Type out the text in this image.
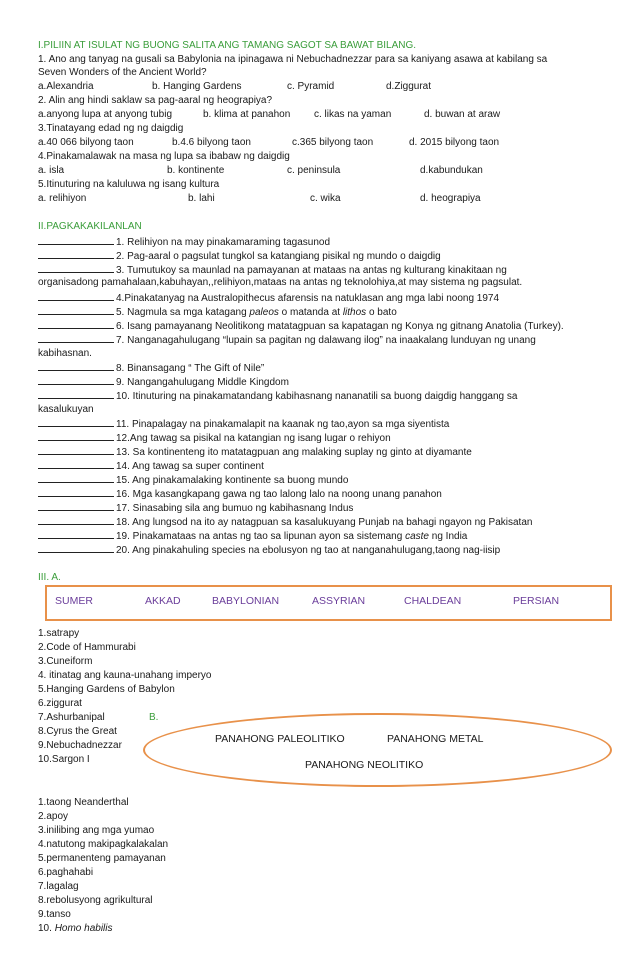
I.PILIIN AT ISULAT NG BUONG SALITA ANG TAMANG SAGOT SA BAWAT BILANG.
1. Ano ang tanyag na gusali sa Babylonia na ipinagawa ni Nebuchadnezzar para sa kaniyang asawa at kabilang sa
Seven Wonders of the Ancient World?
a.Alexandria	b. Hanging Gardens	c. Pyramid	d.Ziggurat
2. Alin ang hindi saklaw sa pag-aaral ng heograpiya?
a.anyong lupa at anyong tubig	b. klima at panahon c. likas na yaman	d. buwan at araw
3.Tinatayang edad ng ng daigdig
a.40 066 bilyong taon	b.4.6 bilyong taon	c.365 bilyong taon	d. 2015 bilyong taon
4.Pinakamalawak na masa ng lupa sa ibabaw ng daigdig
a. isla	b. kontinente	c. peninsula	d.kabundukan
5.Itinuturing na kaluluwa ng isang kultura
a. relihiyon	b. lahi	c. wika	d. heograpiya
II.PAGKAKAKILANLAN
1. Relihiyon na may pinakamaraming tagasunod
2. Pag-aaral o pagsulat tungkol sa katangiang pisikal ng mundo o daigdig
3. Tumutukoy sa maunlad na pamayanan at mataas na antas ng kulturang kinakitaan ng
organisadong pamahalaan,kabuhayan,,relihiyon,mataas na antas ng teknolohiya,at may sistema ng pagsulat.
4.Pinakatanyag na Australopithecus afarensis na natuklasan ang mga labi noong 1974
5. Nagmula sa mga katagang paleos o matanda at lithos o bato
6. Isang pamayanang Neolitikong matatagpuan sa kapatagan ng Konya ng gitnang Anatolia (Turkey).
7. Nanganagahulugang “lupain sa pagitan ng dalawang ilog” na inaakalang lunduyan ng unang
kabihasnan.
8. Binansagang “ The Gift of Nile”
9. Nangangahulugang Middle Kingdom
10. Itinuturing na pinakamatandang kabihasnang nananatili sa buong daigdig hanggang sa
kasalukuyan
11. Pinapalagay na pinakamalapit na kaanak ng tao,ayon sa mga siyentista
12.Ang tawag sa pisikal na katangian ng isang lugar o rehiyon
13. Sa kontinenteng ito matatagpuan ang malaking suplay ng ginto at diyamante
14. Ang tawag sa super continent
15. Ang pinakamalaking kontinente sa buong mundo
16. Mga kasangkapang gawa ng tao lalong lalo na noong unang panahon
17. Sinasabing sila ang bumuo ng kabihasnang Indus
18. Ang lungsod na ito ay natagpuan sa kasalukuyang Punjab na bahagi ngayon ng Pakisatan
19. Pinakamataas na antas ng tao sa lipunan ayon sa sistemang caste ng India
20. Ang pinakahuling species na ebolusyon ng tao at nanganahulugang,taong nag-iisip
III. A.
SUMER	AKKAD	BABYLONIAN	ASSYRIAN	CHALDEAN	PERSIAN
1.satrapy
2.Code of Hammurabi
3.Cuneiform
4. itinatag ang kauna-unahang imperyo
5.Hanging Gardens of Babylon
6.ziggurat
7.Ashurbanipal
8.Cyrus the Great
9.Nebuchadnezzar
10.Sargon I
B.
PANAHONG PALEOLITIKO	PANAHONG METAL
PANAHONG NEOLITIKO
1.taong Neanderthal
2.apoy
3.inilibing ang mga yumao
4.natutong makipagkalakalan
5.permanenteng pamayanan
6.paghahabi
7.lagalag
8.rebolusyong agrikultural
9.tanso
10. Homo habilis
